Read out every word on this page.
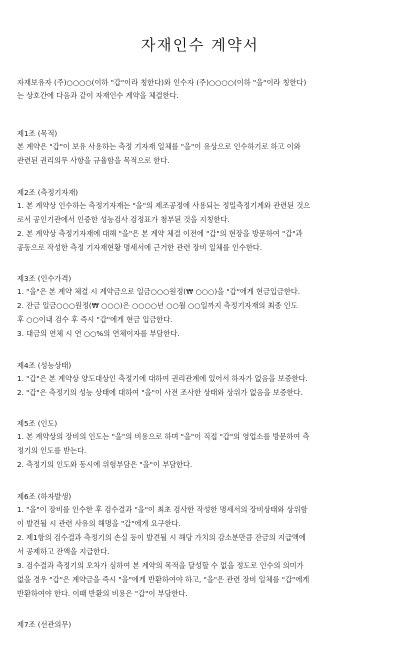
자재인수 계약서
자재보유자 (주)○○○○(이하 "갑"이라 칭한다)와 인수자 (주)○○○○(이하 "을"이라 칭한다)
는 상호간에 다음과 같이 자재인수 계약을 체결한다.
제1조 (목적)
본 계약은 "갑"이 보유 사용하는 측정 기자재 일체를 "을"이 유상으로 인수하기로 하고 이와
관련된 권리의무 사항을 규율함을 목적으로 한다.
제2조 (측정기자재)
1. 본 계약상 인수하는 측정기자재는 "을"의 제조공정에 사용되는 정밀측정기계와 관련된 것으
로서 공인기관에서 인증한 성능검사 검정표가 첨부된 것을 지칭한다.
2. 본 계약상 측정기자재에 대해 "을"은 본 계약 체결 이전에 "갑"의 현장을 방문하여 "갑"과
공동으로 작성한 측정 기자재현황 명세서에 근거한 관련 장비 일체를 인수한다.
제3조 (인수가격)
1. "을"은 본 계약 체결 시 계약금으로 일금○○○원정(₩ ○○○)을 "갑"에게 현금입금한다.
2. 잔금 일금○○○원정(₩ ○○○)은 ○○○○년 ○○월 ○○일까지 측정기자재의 최종 인도
후 ○○이내 검수 후 즉시 "갑"에게 현금 입금한다.
3. 대금의 연체 시 연 ○○%의 연체이자를 부담한다.
제4조 (성능상태)
1. "갑"은 본 계약상 양도대상인 측정기에 대하여 권리관계에 있어서 하자가 없음을 보증한다.
2. "갑"은 측정기의 성능 상태에 대하여 "을"이 사전 조사한 상태와 상위가 없음을 보증한다.
제5조 (인도)
1. 본 계약상의 장비의 인도는 "을"의 비용으로 하며 "을"이 직접 "갑"의 영업소를 방문하여 측
정기의 인도를 받는다.
2. 측정기의 인도와 동시에 위험부담은 "을"이 부담한다.
제6조 (하자발생)
1. "을"이 장비를 인수한 후 검수결과 "을"이 최초 검사한 작성한 명세서의 장비상태와 상위함
이 발견될 시 관련 사유의 해명을 "갑"에게 요구한다.
2. 제1항의 검수결과 측정기의 손실 등이 발견될 시 해당 가치의 감소분만큼 잔금의 지급액에
서 공제하고 잔액을 지급한다.
3. 검수결과 측정기의 오차가 심하여 본 계약의 목적을 달성할 수 없을 정도로 인수의 의미가
없을 경우 "갑"은 계약금을 즉시 "을"에게 반환하여야 하고, "을"은 관련 장비 일체를 "갑"에게
반환하여야 한다. 이때 반환의 비용은 "갑"이 부담한다.
제7조 (선관의무)
